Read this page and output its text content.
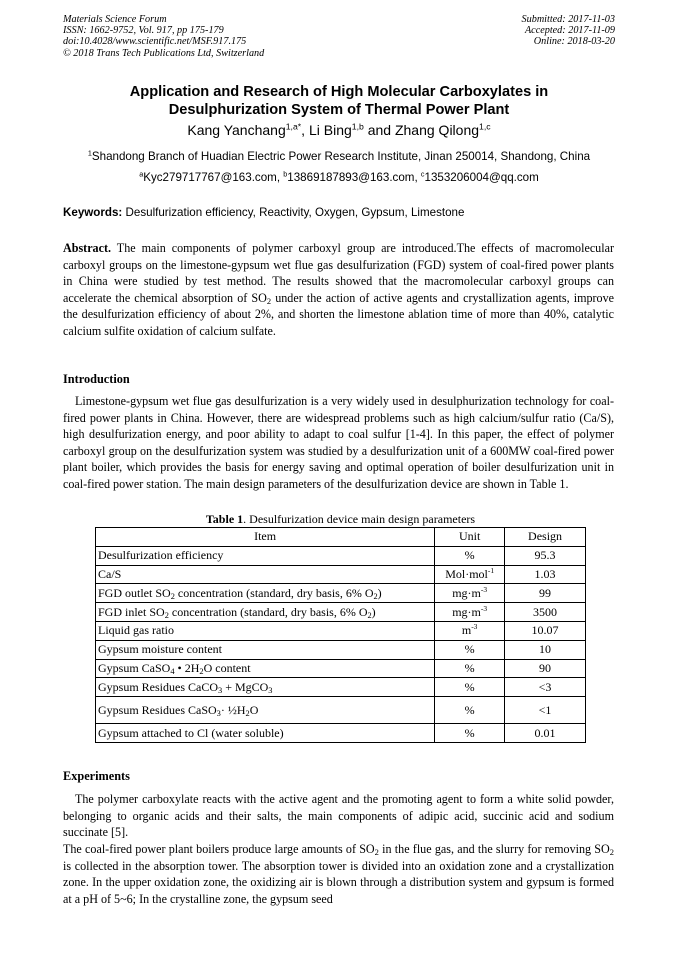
Materials Science Forum
ISSN: 1662-9752, Vol. 917, pp 175-179
doi:10.4028/www.scientific.net/MSF.917.175
© 2018 Trans Tech Publications Ltd, Switzerland
Submitted: 2017-11-03
Accepted: 2017-11-09
Online: 2018-03-20
Application and Research of High Molecular Carboxylates in
Desulphurization System of Thermal Power Plant
Kang Yanchang$^{1,a*}$, Li Bing$^{1,b}$ and Zhang Qilong$^{1,c}$
$^1$Shandong Branch of Huadian Electric Power Research Institute, Jinan 250014, Shandong, China
$^a$Kyc279717767@163.com, $^b$13869187893@163.com, $^c$1353206004@qq.com
Keywords: Desulfurization efficiency, Reactivity, Oxygen, Gypsum, Limestone

Abstract. The main components of polymer carboxyl group are introduced.The effects of macromolecular carboxyl groups on the limestone-gypsum wet flue gas desulfurization (FGD) system of coal-fired power plants in China were studied by test method. The results showed that the macromolecular carboxyl groups can accelerate the chemical absorption of $SO_2$ under the action of active agents and crystallization agents, improve the desulfurization efficiency of about 2%, and shorten the limestone ablation time of more than 40%, catalytic calcium sulfite oxidation of calcium sulfate.

Introduction

Limestone-gypsum wet flue gas desulfurization is a very widely used in desulphurization technology for coal-fired power plants in China. However, there are widespread problems such as high calcium/sulfur ratio (Ca/S), high desulfurization energy, and poor ability to adapt to coal sulfur [1-4]. In this paper, the effect of polymer carboxyl group on the desulfurization system was studied by a desulfurization unit of a 600MW coal-fired power plant boiler, which provides the basis for energy saving and optimal operation of boiler desulfurization unit in coal-fired power station. The main design parameters of the desulfurization device are shown in Table 1.

Table 1. Desulfurization device main design parameters
Item	Unit	Design
Desulfurization efficiency	%	95.3
Ca/S	Mol·mol$^{-1}$	1.03
FGD outlet $SO_2$ concentration (standard, dry basis, 6% $O_2$)	$mg\cdot m^{-3}$	99
FGD inlet $SO_2$ concentration (standard, dry basis, 6% $O_2$)	$mg\cdot m^{-3}$	3500
Liquid gas ratio	$m^{-3}$	10.07
Gypsum moisture content	%	10
Gypsum CaSO$_4$ • $2H_2O$ content	%	90
Gypsum Residues CaCO$_3$ + MgCO$_3$	%	<3
Gypsum Residues CaSO$_3$· $\frac{1}{2}H_2O$	%	<1
Gypsum attached to Cl (water soluble)	%	0.01
Experiments

The polymer carboxylate reacts with the active agent and the promoting agent to form a white solid powder, belonging to organic acids and their salts, the main components of adipic acid, succinic acid and sodium succinate [5].

The coal-fired power plant boilers produce large amounts of $SO_2$ in the flue gas, and the slurry for removing $SO_2$ is collected in the absorption tower. The absorption tower is divided into an oxidation zone and a crystallization zone. In the upper oxidation zone, the oxidizing air is blown through a distribution system and gypsum is formed at a pH of 5~6; In the crystalline zone, the gypsum seed
